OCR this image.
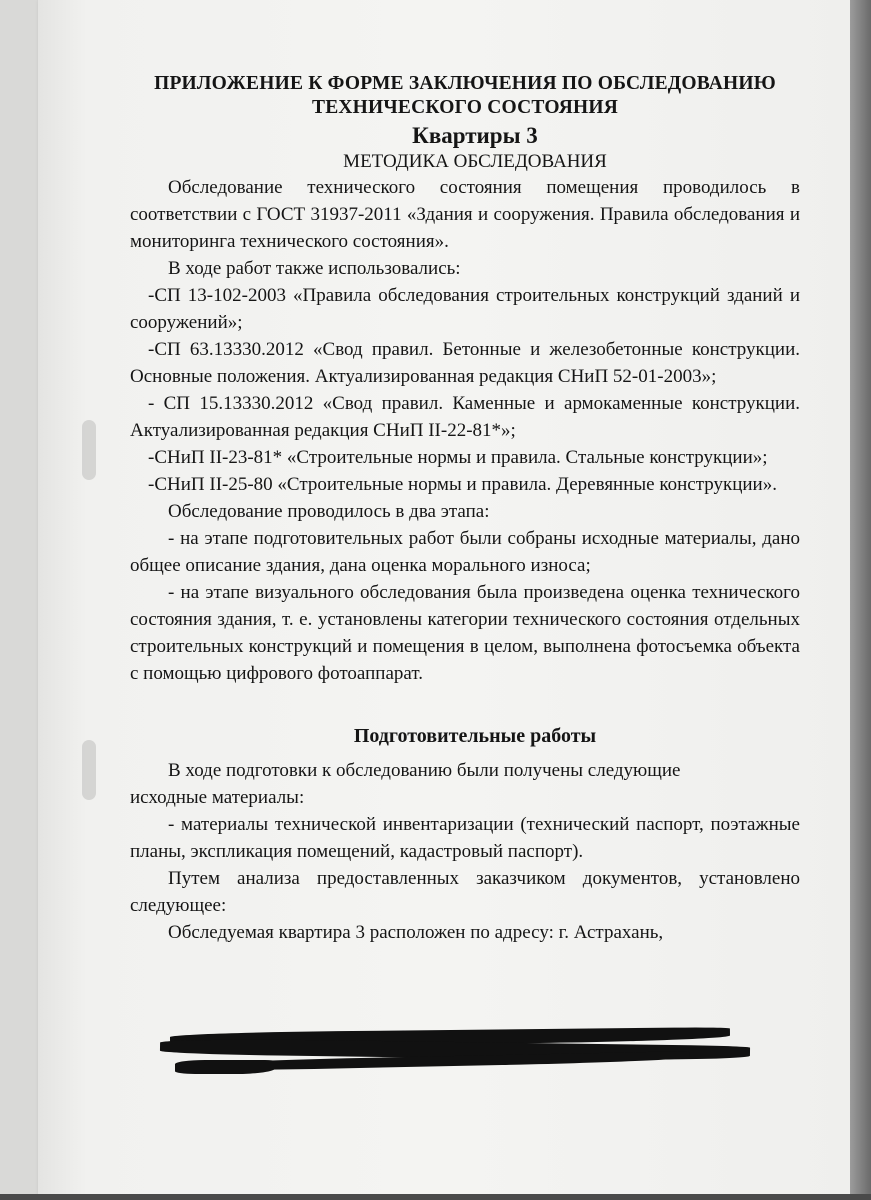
ПРИЛОЖЕНИЕ К ФОРМЕ ЗАКЛЮЧЕНИЯ ПО ОБСЛЕДОВАНИЮ
ТЕХНИЧЕСКОГО СОСТОЯНИЯ
Квартиры 3
МЕТОДИКА ОБСЛЕДОВАНИЯ

Обследование технического состояния помещения проводилось в соответствии с ГОСТ 31937-2011 «Здания и сооружения. Правила обследования и мониторинга технического состояния».

В ходе работ также использовались:

-СП 13-102-2003 «Правила обследования строительных конструкций зданий и сооружений»;

-СП 63.13330.2012 «Свод правил. Бетонные и железобетонные конструкции. Основные положения. Актуализированная редакция СНиП 52-01-2003»;

- СП 15.13330.2012 «Свод правил. Каменные и армокаменные конструкции. Актуализированная редакция СНиП II-22-81*»;

-СНиП II-23-81* «Строительные нормы и правила. Стальные конструкции»;

-СНиП II-25-80 «Строительные нормы и правила. Деревянные конструкции».

Обследование проводилось в два этапа:

- на этапе подготовительных работ были собраны исходные материалы, дано общее описание здания, дана оценка морального износа;

- на этапе визуального обследования была произведена оценка технического состояния здания, т. е. установлены категории технического состояния отдельных строительных конструкций и помещения в целом, выполнена фотосъемка объекта с помощью цифрового фотоаппарат.

Подготовительные работы

В ходе подготовки к обследованию были получены следующие

исходные материалы:

- материалы технической инвентаризации (технический паспорт, поэтажные планы, экспликация помещений, кадастровый паспорт).

Путем анализа предоставленных заказчиком документов, установлено следующее:

Обследуемая квартира 3 расположен по адресу: г. Астрахань,
